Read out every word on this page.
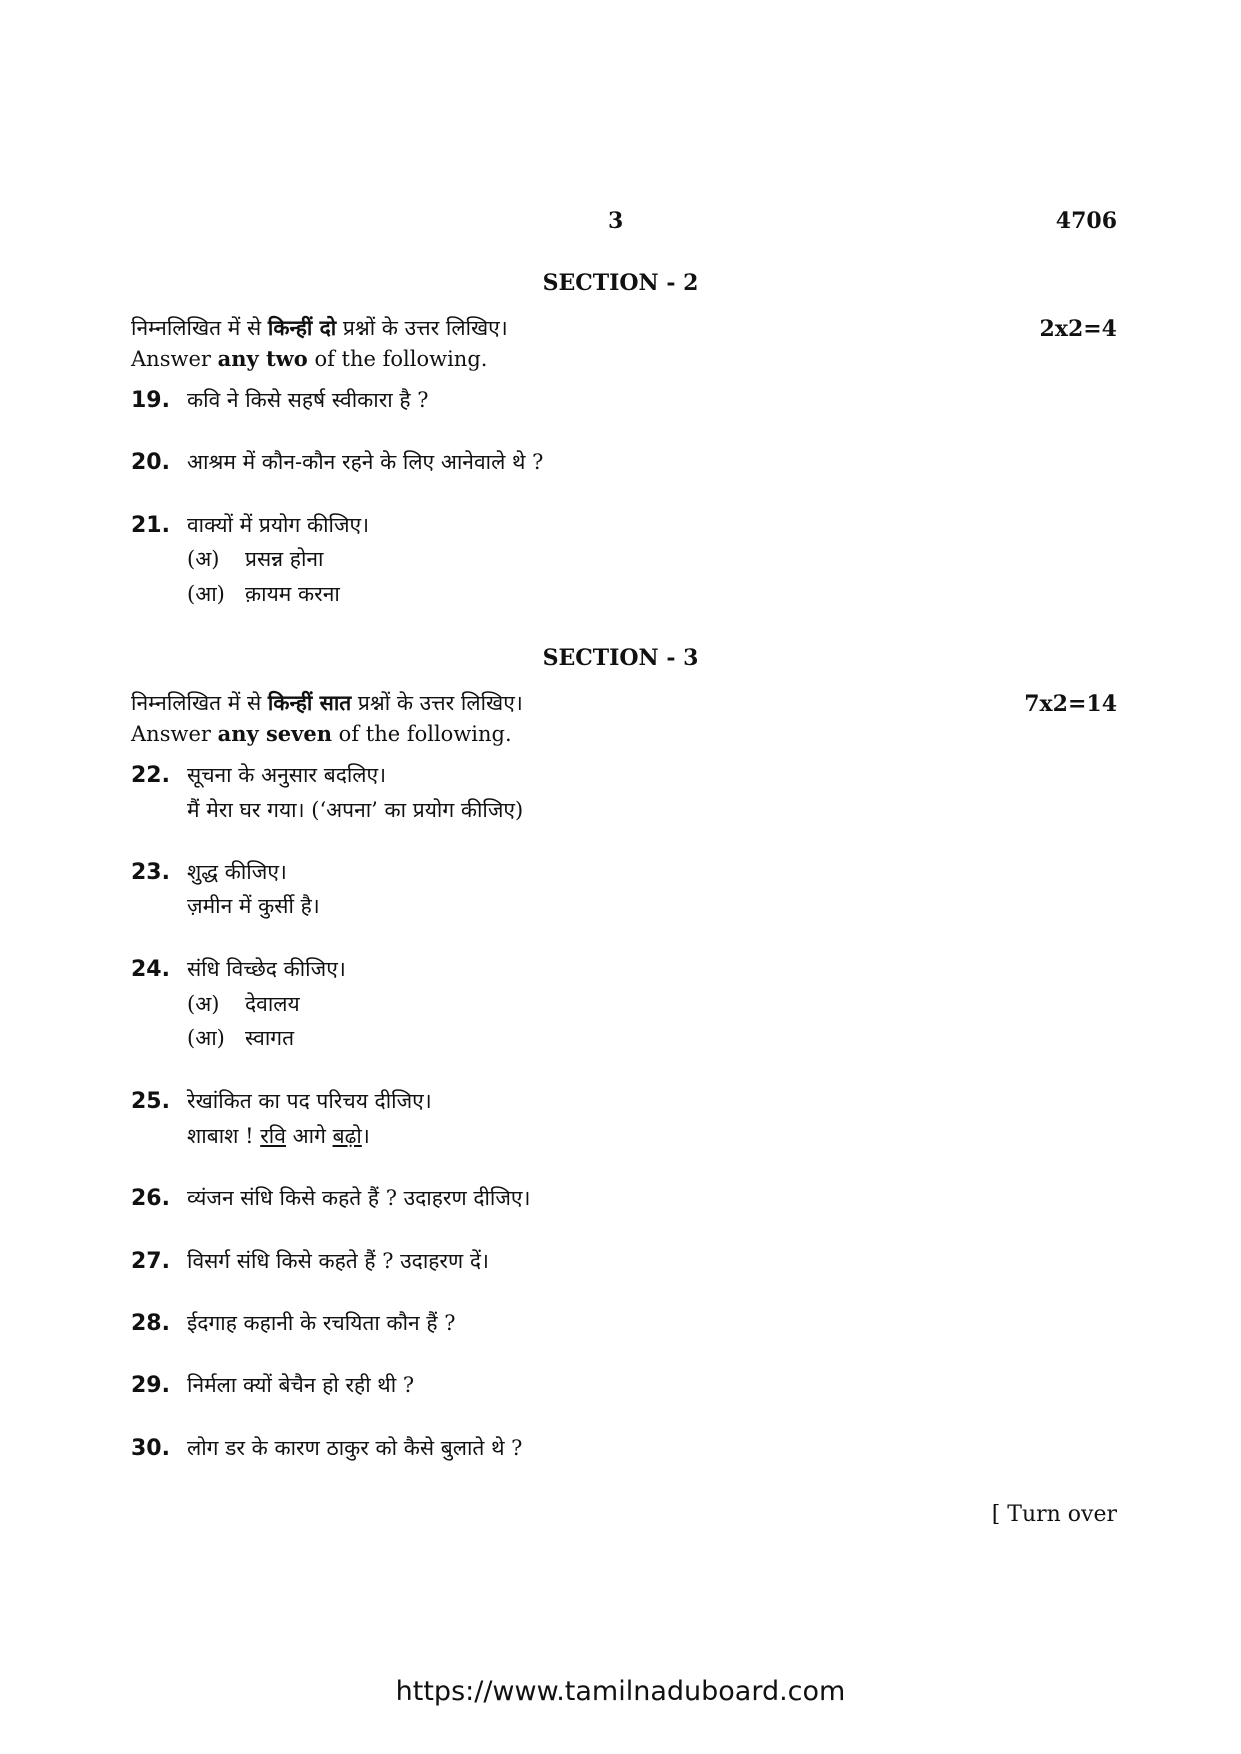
3	4706
SECTION - 2
निम्नलिखित में से किन्हीं दो प्रश्नों के उत्तर लिखिए।	2x2=4
Answer any two of the following.
19. कवि ने किसे सहर्ष स्वीकारा है ?
20. आश्रम में कौन-कौन रहने के लिए आनेवाले थे ?
21. वाक्यों में प्रयोग कीजिए।
(अ) प्रसन्न होना
(आ) क़ायम करना
SECTION - 3
निम्नलिखित में से किन्हीं सात प्रश्नों के उत्तर लिखिए।	7x2=14
Answer any seven of the following.
22. सूचना के अनुसार बदलिए।
मैं मेरा घर गया। (‘अपना’ का प्रयोग कीजिए)
23. शुद्ध कीजिए।
ज़मीन में कुर्सी है।
24. संधि विच्छेद कीजिए।
(अ) देवालय
(आ) स्वागत
25. रेखांकित का पद परिचय दीजिए।
शाबाश ! रवि आगे बढ़ो।
26. व्यंजन संधि किसे कहते हैं ? उदाहरण दीजिए।
27. विसर्ग संधि किसे कहते हैं ? उदाहरण दें।
28. ईदगाह कहानी के रचयिता कौन हैं ?
29. निर्मला क्यों बेचैन हो रही थी ?
30. लोग डर के कारण ठाकुर को कैसे बुलाते थे ?
[ Turn over
https://www.tamilnaduboard.com
